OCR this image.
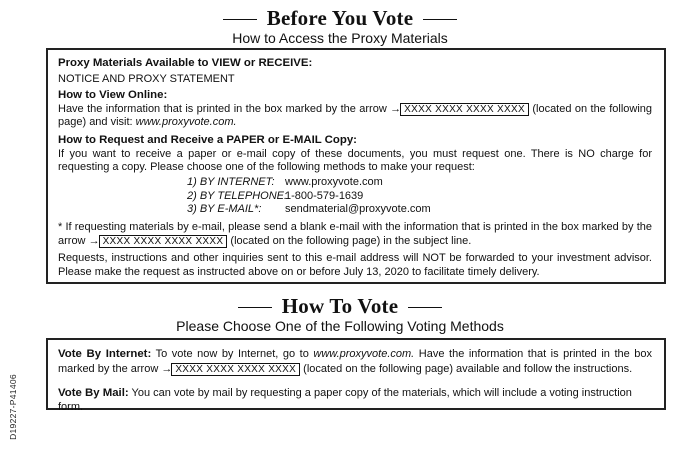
Before You Vote
How to Access the Proxy Materials
Proxy Materials Available to VIEW or RECEIVE:
NOTICE AND PROXY STATEMENT
How to View Online:
Have the information that is printed in the box marked by the arrow → XXXX XXXX XXXX XXXX (located on the following page) and visit: www.proxyvote.com.
How to Request and Receive a PAPER or E-MAIL Copy:
If you want to receive a paper or e-mail copy of these documents, you must request one. There is NO charge for requesting a copy. Please choose one of the following methods to make your request:
1) BY INTERNET: www.proxyvote.com
2) BY TELEPHONE:1-800-579-1639
3) BY E-MAIL*: sendmaterial@proxyvote.com
* If requesting materials by e-mail, please send a blank e-mail with the information that is printed in the box marked by the arrow → XXXX XXXX XXXX XXXX (located on the following page) in the subject line.
Requests, instructions and other inquiries sent to this e-mail address will NOT be forwarded to your investment advisor. Please make the request as instructed above on or before July 13, 2020 to facilitate timely delivery.
How To Vote
Please Choose One of the Following Voting Methods
Vote By Internet: To vote now by Internet, go to www.proxyvote.com. Have the information that is printed in the box marked by the arrow → XXXX XXXX XXXX XXXX (located on the following page) available and follow the instructions.
Vote By Mail: You can vote by mail by requesting a paper copy of the materials, which will include a voting instruction form.
D19227-P41406
